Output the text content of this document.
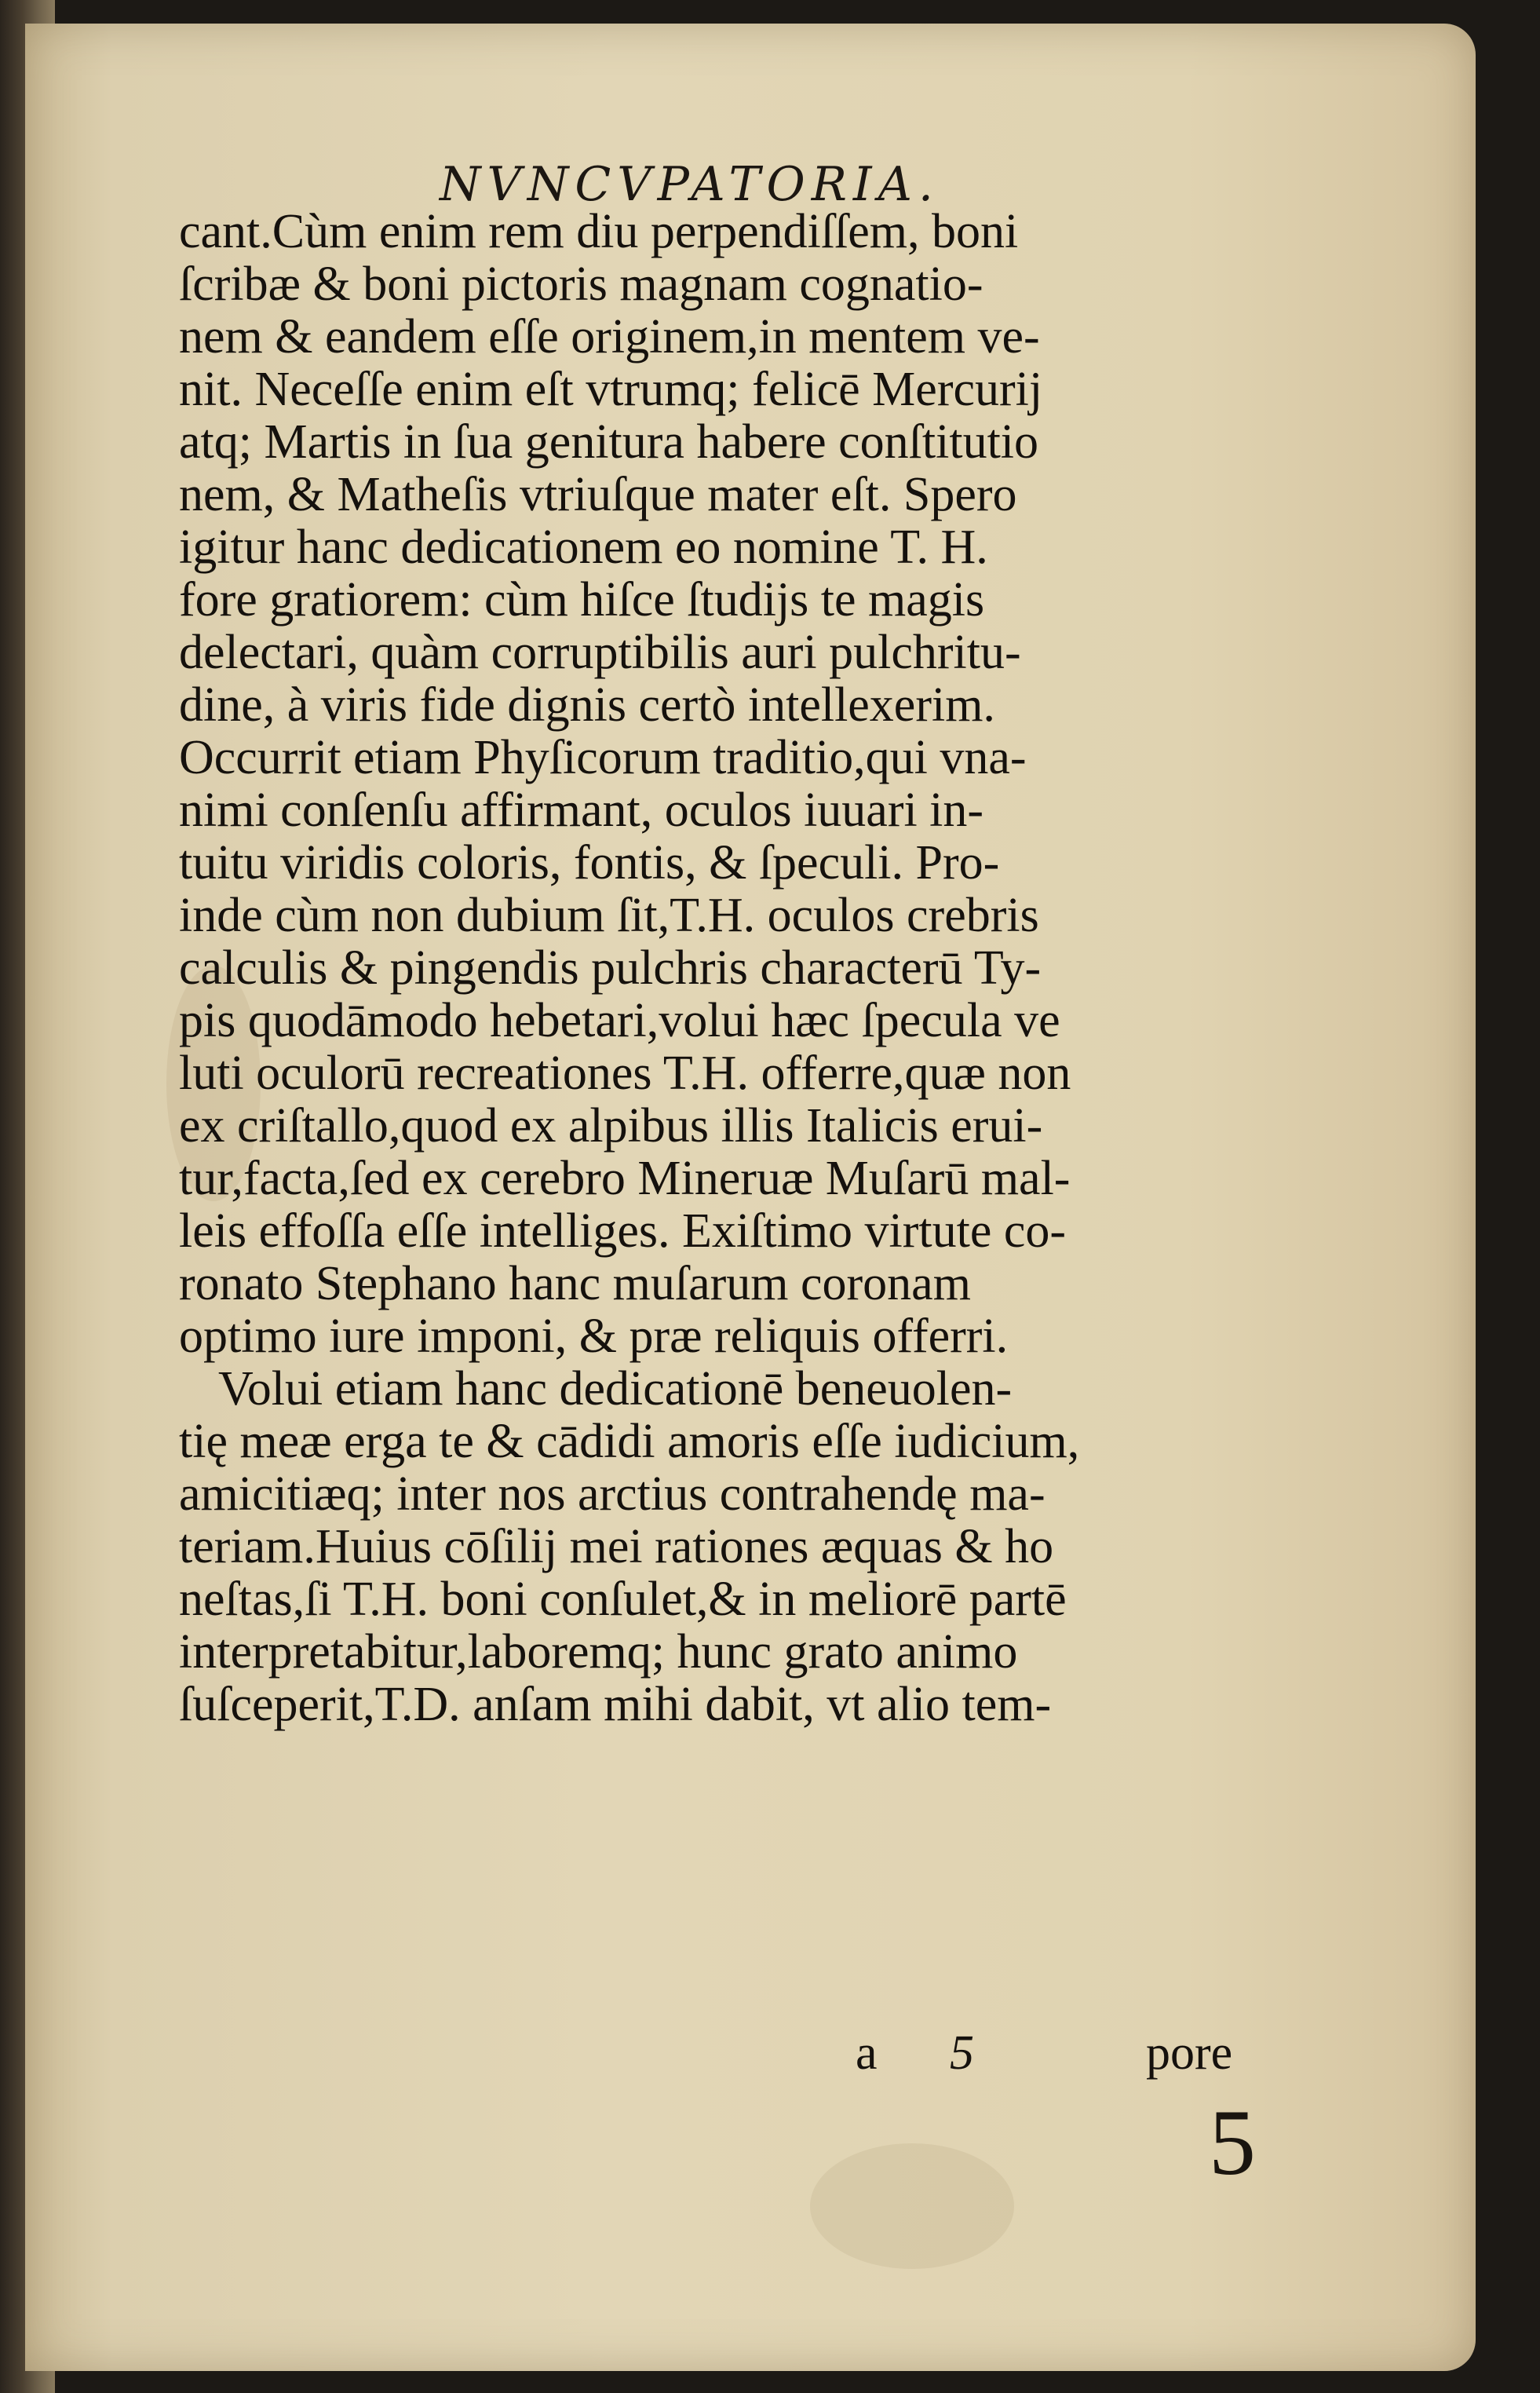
NVNCVPATORIA.
cant.Cùm enim rem diu perpendiſſem, boni
ſcribæ & boni pictoris magnam cognatio-
nem & eandem eſſe originem,in mentem ve-
nit. Neceſſe enim eſt vtrumq; felicē Mercurij
atq; Martis in ſua genitura habere conſtitutio
nem, & Matheſis vtriuſque mater eſt. Spero
igitur hanc dedicationem eo nomine T. H.
fore gratiorem: cùm hiſce ſtudijs te magis
delectari, quàm corruptibilis auri pulchritu-
dine, à viris fide dignis certò intellexerim.
Occurrit etiam Phyſicorum traditio,qui vna-
nimi conſenſu affirmant, oculos iuuari in-
tuitu viridis coloris, fontis, & ſpeculi. Pro-
inde cùm non dubium ſit,T.H. oculos crebris
calculis & pingendis pulchris characterū Ty-
pis quodāmodo hebetari,volui hæc ſpecula ve
luti oculorū recreationes T.H. offerre,quæ non
ex criſtallo,quod ex alpibus illis Italicis erui-
tur,facta,ſed ex cerebro Mineruæ Muſarū mal-
leis effoſſa eſſe intelliges. Exiſtimo virtute co-
ronato Stephano hanc muſarum coronam
optimo iure imponi, & præ reliquis offerri.
Volui etiam hanc dedicationē beneuolen-
tię meæ erga te & cādidi amoris eſſe iudicium,
amicitiæq; inter nos arctius contrahendę ma-
teriam.Huius cōſilij mei rationes æquas & ho
neſtas,ſi T.H. boni conſulet,& in meliorē partē
interpretabitur,laboremq; hunc grato animo
ſuſceperit,T.D. anſam mihi dabit, vt alio tem-
a 5	pore
5
